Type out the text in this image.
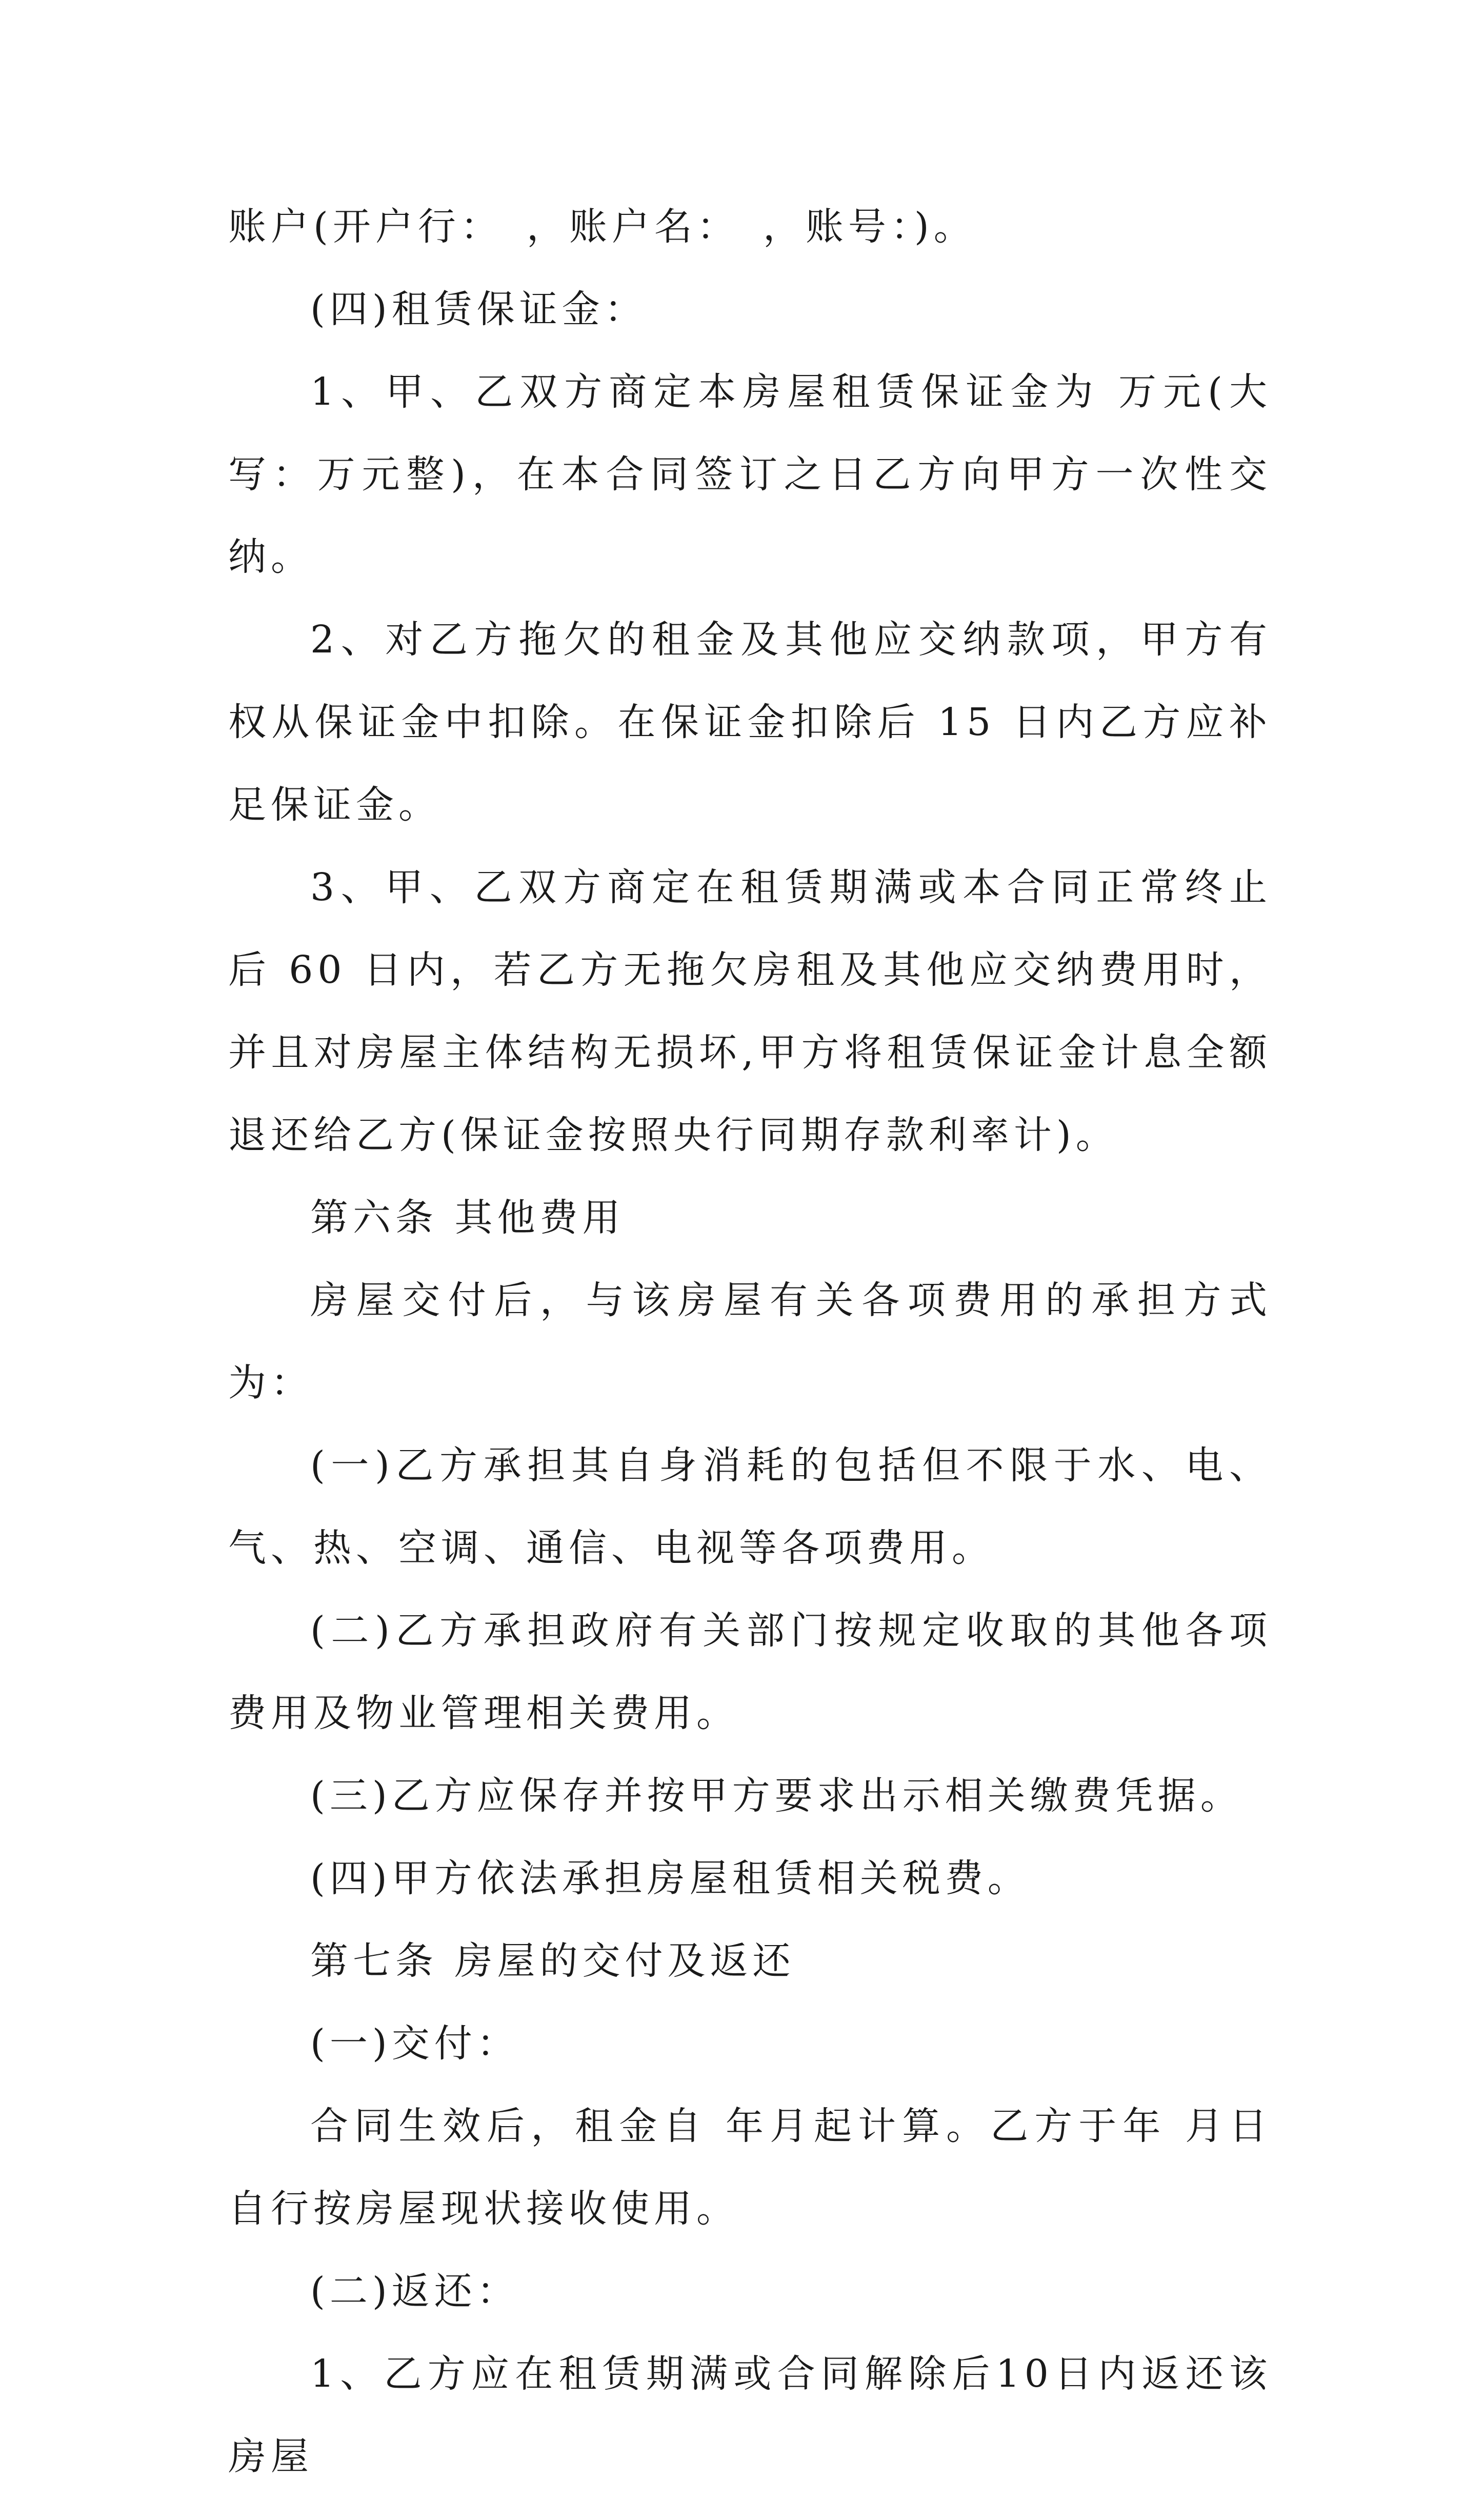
账户(开户行：　，账户名：　，账号：)。

(四)租赁保证金：

1、甲、乙双方商定本房屋租赁保证金为 万元(大写：万元整)，在本合同签订之日乙方向甲方一次性交纳。

2、对乙方拖欠的租金及其他应交纳款项，甲方有权从保证金中扣除。在保证金扣除后 15 日内乙方应补足保证金。

3、甲、乙双方商定在租赁期满或本合同正常终止后 60 日内，若乙方无拖欠房租及其他应交纳费用时，并且对房屋主体结构无损坏,甲方将租赁保证金计息全额退还给乙方(保证金按照央行同期存款利率计)。

第六条 其他费用

房屋交付后，与该房屋有关各项费用的承担方式为：

(一)乙方承担其自身消耗的包括但不限于水、电、气、热、空调、通信、电视等各项费用。

(二)乙方承担政府有关部门按规定收取的其他各项费用及物业管理相关费用。

(三)乙方应保存并按甲方要求出示相关缴费凭据。

(四)甲方依法承担房屋租赁相关税费。

第七条 房屋的交付及返还

(一)交付：

合同生效后，租金自 年月起计算。乙方于年 月日自行按房屋现状接收使用。

(二)返还：

1、乙方应在租赁期满或合同解除后10日内返还该房屋
